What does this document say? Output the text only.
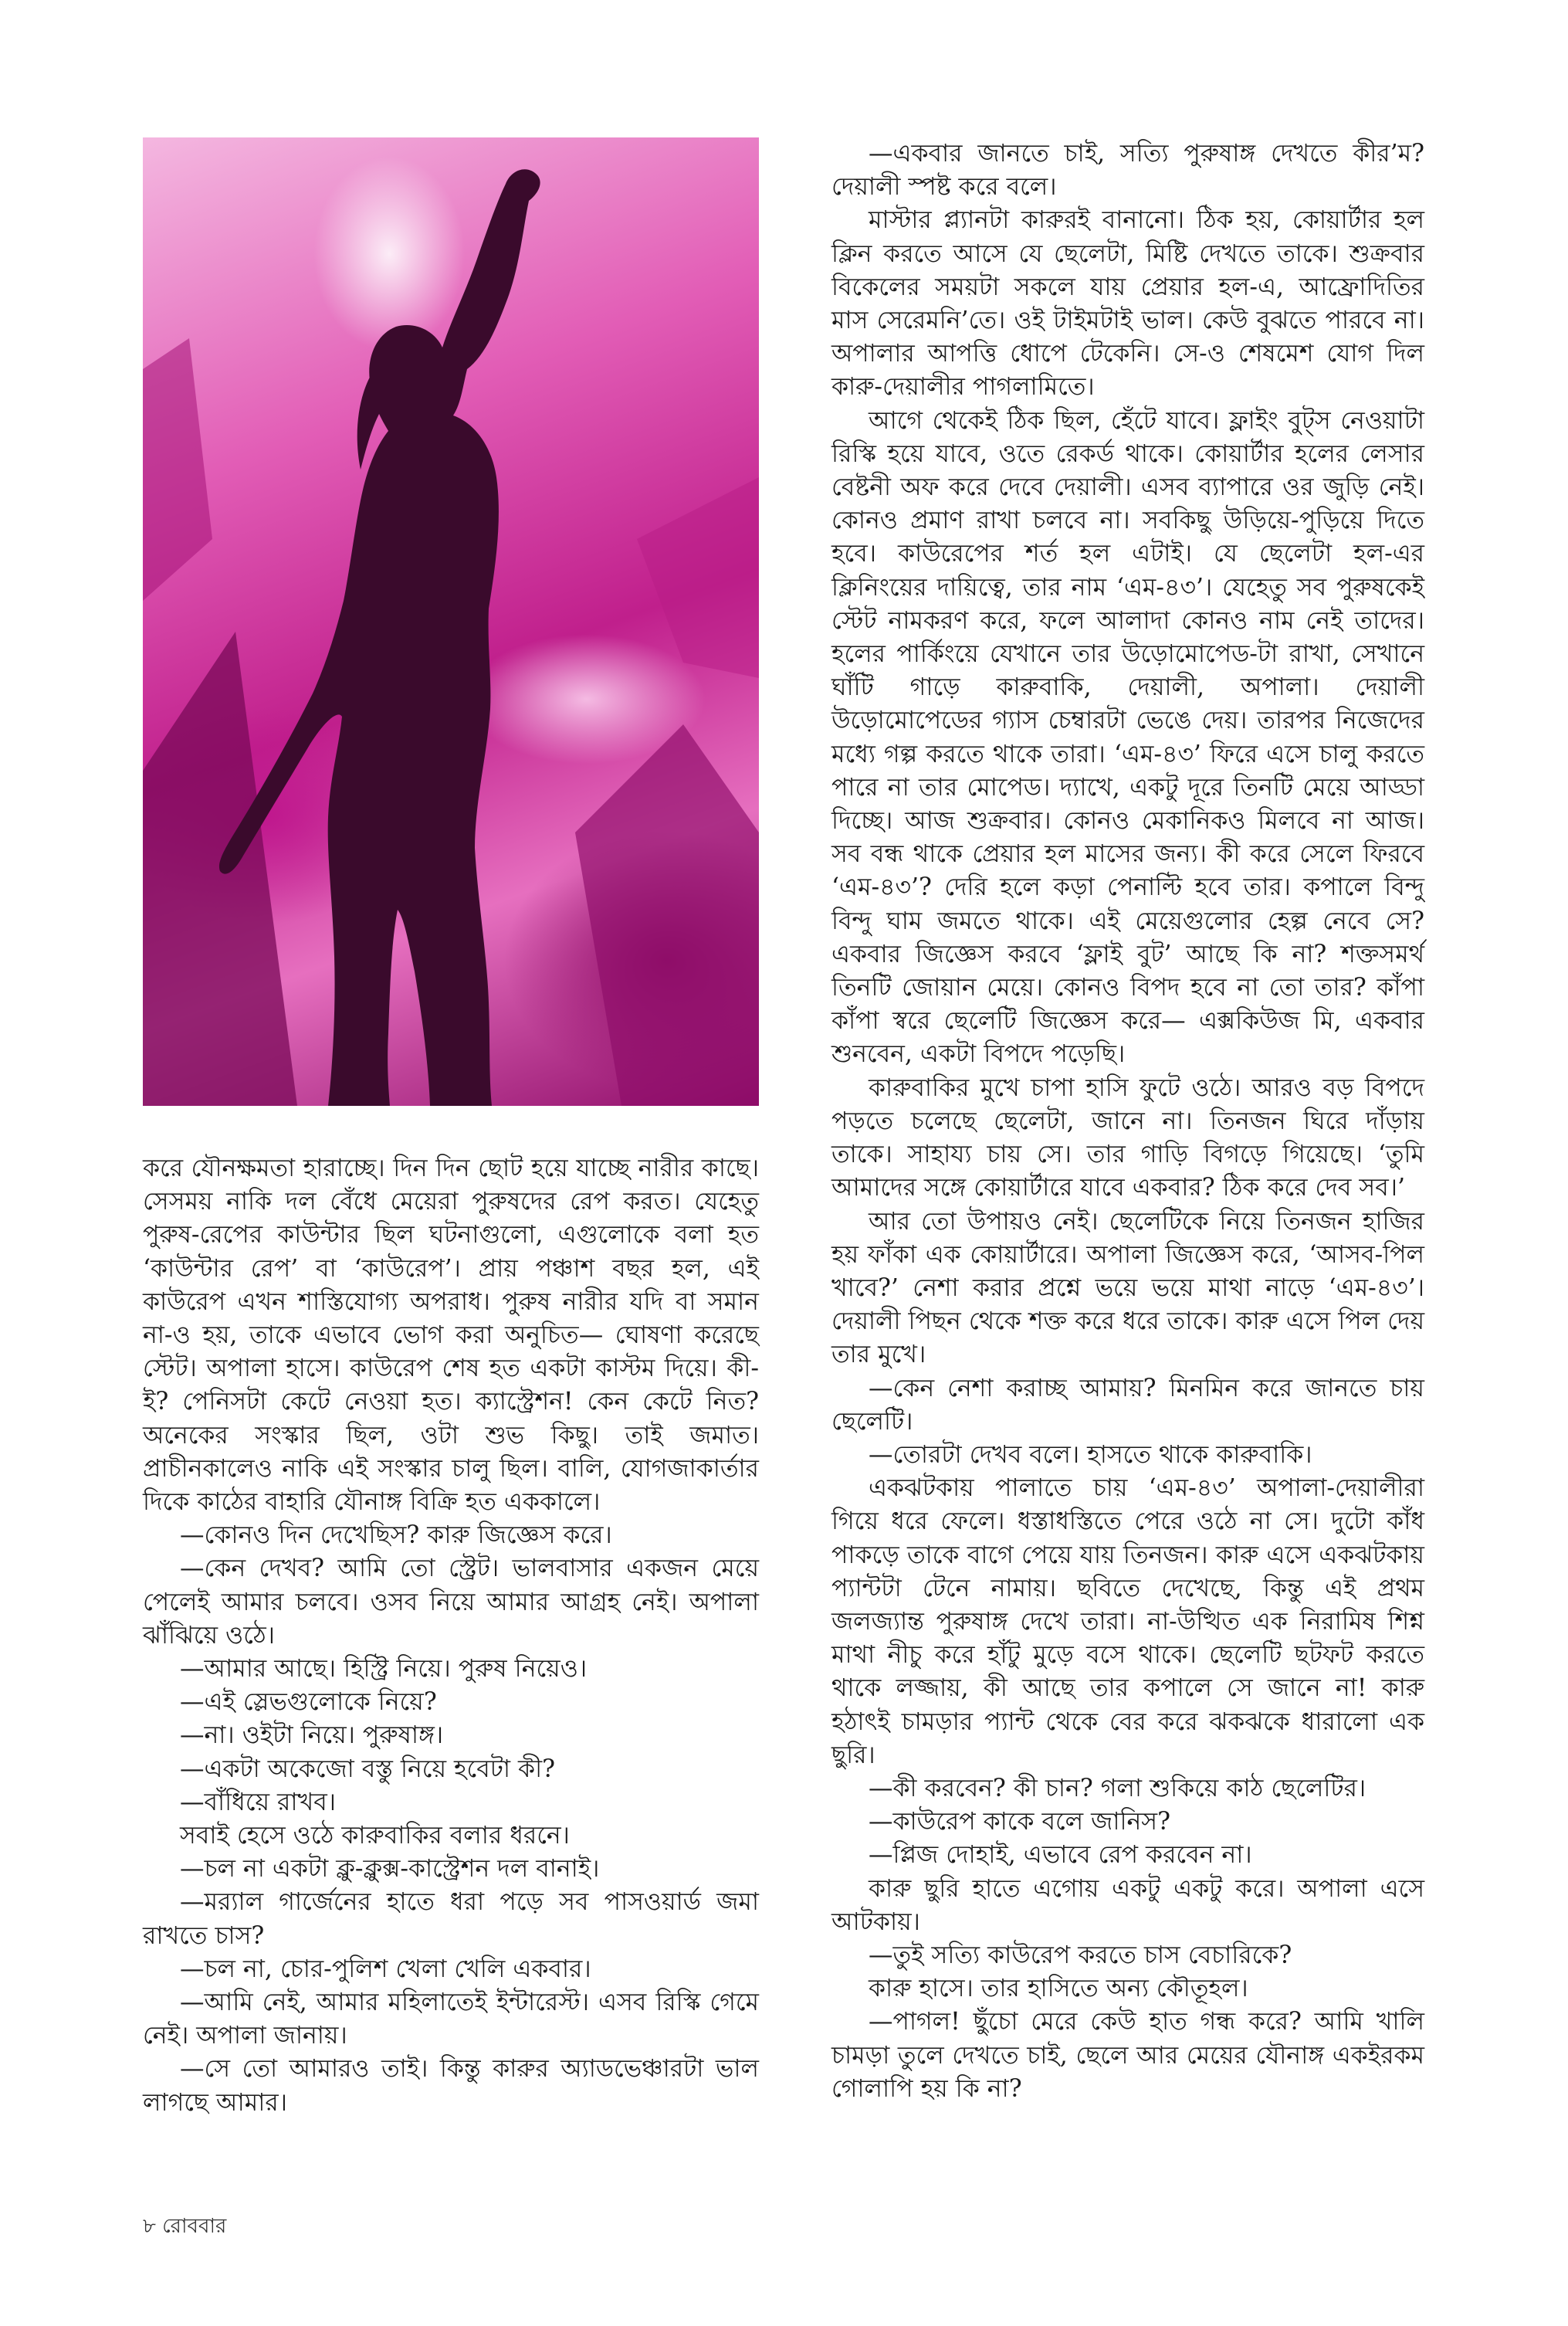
করে যৌনক্ষমতা হারাচ্ছে। দিন দিন ছোট হয়ে যাচ্ছে নারীর কাছে। সেসময় নাকি দল বেঁধে মেয়েরা পুরুষদের রেপ করত। যেহেতু পুরুষ-রেপের কাউন্টার ছিল ঘটনাগুলো, এগুলোকে বলা হত ‘কাউন্টার রেপ’ বা ‘কাউরেপ’। প্রায় পঞ্চাশ বছর হল, এই কাউরেপ এখন শাস্তিযোগ্য অপরাধ। পুরুষ নারীর যদি বা সমান না-ও হয়, তাকে এভাবে ভোগ করা অনুচিত— ঘোষণা করেছে স্টেট। অপালা হাসে। কাউরেপ শেষ হত একটা কাস্টম দিয়ে। কী-ই? পেনিসটা কেটে নেওয়া হত। ক্যাস্ট্রেশন! কেন কেটে নিত? অনেকের সংস্কার ছিল, ওটা শুভ কিছু। তাই জমাত। প্রাচীনকালেও নাকি এই সংস্কার চালু ছিল। বালি, যোগজাকার্তার দিকে কাঠের বাহারি যৌনাঙ্গ বিক্রি হত এককালে।

—কোনও দিন দেখেছিস? কারু জিজ্ঞেস করে।

—কেন দেখব? আমি তো স্ট্রেট। ভালবাসার একজন মেয়ে পেলেই আমার চলবে। ওসব নিয়ে আমার আগ্রহ নেই। অপালা ঝাঁঝিয়ে ওঠে।

—আমার আছে। হিস্ট্রি নিয়ে। পুরুষ নিয়েও।

—এই স্লেভগুলোকে নিয়ে?

—না। ওইটা নিয়ে। পুরুষাঙ্গ।

—একটা অকেজো বস্তু নিয়ে হবেটা কী?

—বাঁধিয়ে রাখব।

সবাই হেসে ওঠে কারুবাকির বলার ধরনে।

—চল না একটা ক্লু-ক্লুক্স-কাস্ট্রেশন দল বানাই।

—মর‍্যাল গার্জেনের হাতে ধরা পড়ে সব পাসওয়ার্ড জমা রাখতে চাস?

—চল না, চোর-পুলিশ খেলা খেলি একবার।

—আমি নেই, আমার মহিলাতেই ইন্টারেস্ট। এসব রিস্কি গেমে নেই। অপালা জানায়।

—সে তো আমারও তাই। কিন্তু কারুর অ্যাডভেঞ্চারটা ভাল লাগছে আমার।

—একবার জানতে চাই, সত্যি পুরুষাঙ্গ দেখতে কীর’ম? দেয়ালী স্পষ্ট করে বলে।

মাস্টার প্ল্যানটা কারুরই বানানো। ঠিক হয়, কোয়ার্টার হল ক্লিন করতে আসে যে ছেলেটা, মিষ্টি দেখতে তাকে। শুক্রবার বিকেলের সময়টা সকলে যায় প্রেয়ার হল-এ, আফ্রোদিতির মাস সেরেমনি’তে। ওই টাইমটাই ভাল। কেউ বুঝতে পারবে না। অপালার আপত্তি ধোপে টেকেনি। সে-ও শেষমেশ যোগ দিল কারু-দেয়ালীর পাগলামিতে।

আগে থেকেই ঠিক ছিল, হেঁটে যাবে। ফ্লাইং বুট্স নেওয়াটা রিস্কি হয়ে যাবে, ওতে রেকর্ড থাকে। কোয়ার্টার হলের লেসার বেষ্টনী অফ করে দেবে দেয়ালী। এসব ব্যাপারে ওর জুড়ি নেই। কোনও প্রমাণ রাখা চলবে না। সবকিছু উড়িয়ে-পুড়িয়ে দিতে হবে। কাউরেপের শর্ত হল এটাই। যে ছেলেটা হল-এর ক্লিনিংয়ের দায়িত্বে, তার নাম ‘এম-৪৩’। যেহেতু সব পুরুষকেই স্টেট নামকরণ করে, ফলে আলাদা কোনও নাম নেই তাদের। হলের পার্কিংয়ে যেখানে তার উড়োমোপেড-টা রাখা, সেখানে ঘাঁটি গাড়ে কারুবাকি, দেয়ালী, অপালা। দেয়ালী উড়োমোপেডের গ্যাস চেম্বারটা ভেঙে দেয়। তারপর নিজেদের মধ্যে গল্প করতে থাকে তারা। ‘এম-৪৩’ ফিরে এসে চালু করতে পারে না তার মোপেড। দ্যাখে, একটু দূরে তিনটি মেয়ে আড্ডা দিচ্ছে। আজ শুক্রবার। কোনও মেকানিকও মিলবে না আজ। সব বন্ধ থাকে প্রেয়ার হল মাসের জন্য। কী করে সেলে ফিরবে ‘এম-৪৩’? দেরি হলে কড়া পেনাল্টি হবে তার। কপালে বিন্দু বিন্দু ঘাম জমতে থাকে। এই মেয়েগুলোর হেল্প নেবে সে? একবার জিজ্ঞেস করবে ‘ফ্লাই বুট’ আছে কি না? শক্তসমর্থ তিনটি জোয়ান মেয়ে। কোনও বিপদ হবে না তো তার? কাঁপা কাঁপা স্বরে ছেলেটি জিজ্ঞেস করে— এক্সকিউজ মি, একবার শুনবেন, একটা বিপদে পড়েছি।

কারুবাকির মুখে চাপা হাসি ফুটে ওঠে। আরও বড় বিপদে পড়তে চলেছে ছেলেটা, জানে না। তিনজন ঘিরে দাঁড়ায় তাকে। সাহায্য চায় সে। তার গাড়ি বিগড়ে গিয়েছে। ‘তুমি আমাদের সঙ্গে কোয়ার্টারে যাবে একবার? ঠিক করে দেব সব।’

আর তো উপায়ও নেই। ছেলেটিকে নিয়ে তিনজন হাজির হয় ফাঁকা এক কোয়ার্টারে। অপালা জিজ্ঞেস করে, ‘আসব-পিল খাবে?’ নেশা করার প্রশ্নে ভয়ে ভয়ে মাথা নাড়ে ‘এম-৪৩’। দেয়ালী পিছন থেকে শক্ত করে ধরে তাকে। কারু এসে পিল দেয় তার মুখে।

—কেন নেশা করাচ্ছ আমায়? মিনমিন করে জানতে চায় ছেলেটি।

—তোরটা দেখব বলে। হাসতে থাকে কারুবাকি।

একঝটকায় পালাতে চায় ‘এম-৪৩’ অপালা-দেয়ালীরা গিয়ে ধরে ফেলে। ধস্তাধস্তিতে পেরে ওঠে না সে। দুটো কাঁধ পাকড়ে তাকে বাগে পেয়ে যায় তিনজন। কারু এসে একঝটকায় প্যান্টটা টেনে নামায়। ছবিতে দেখেছে, কিন্তু এই প্রথম জলজ্যান্ত পুরুষাঙ্গ দেখে তারা। না-উত্থিত এক নিরামিষ শিশ্ন মাথা নীচু করে হাঁটু মুড়ে বসে থাকে। ছেলেটি ছটফট করতে থাকে লজ্জায়, কী আছে তার কপালে সে জানে না! কারু হঠাৎই চামড়ার প্যান্ট থেকে বের করে ঝকঝকে ধারালো এক ছুরি।

—কী করবেন? কী চান? গলা শুকিয়ে কাঠ ছেলেটির।

—কাউরেপ কাকে বলে জানিস?

—প্লিজ দোহাই, এভাবে রেপ করবেন না।

কারু ছুরি হাতে এগোয় একটু একটু করে। অপালা এসে আটকায়।

—তুই সত্যি কাউরেপ করতে চাস বেচারিকে?

কারু হাসে। তার হাসিতে অন্য কৌতূহল।

—পাগল! ছুঁচো মেরে কেউ হাত গন্ধ করে? আমি খালি চামড়া তুলে দেখতে চাই, ছেলে আর মেয়ের যৌনাঙ্গ একইরকম গোলাপি হয় কি না?

৮ রোববার
